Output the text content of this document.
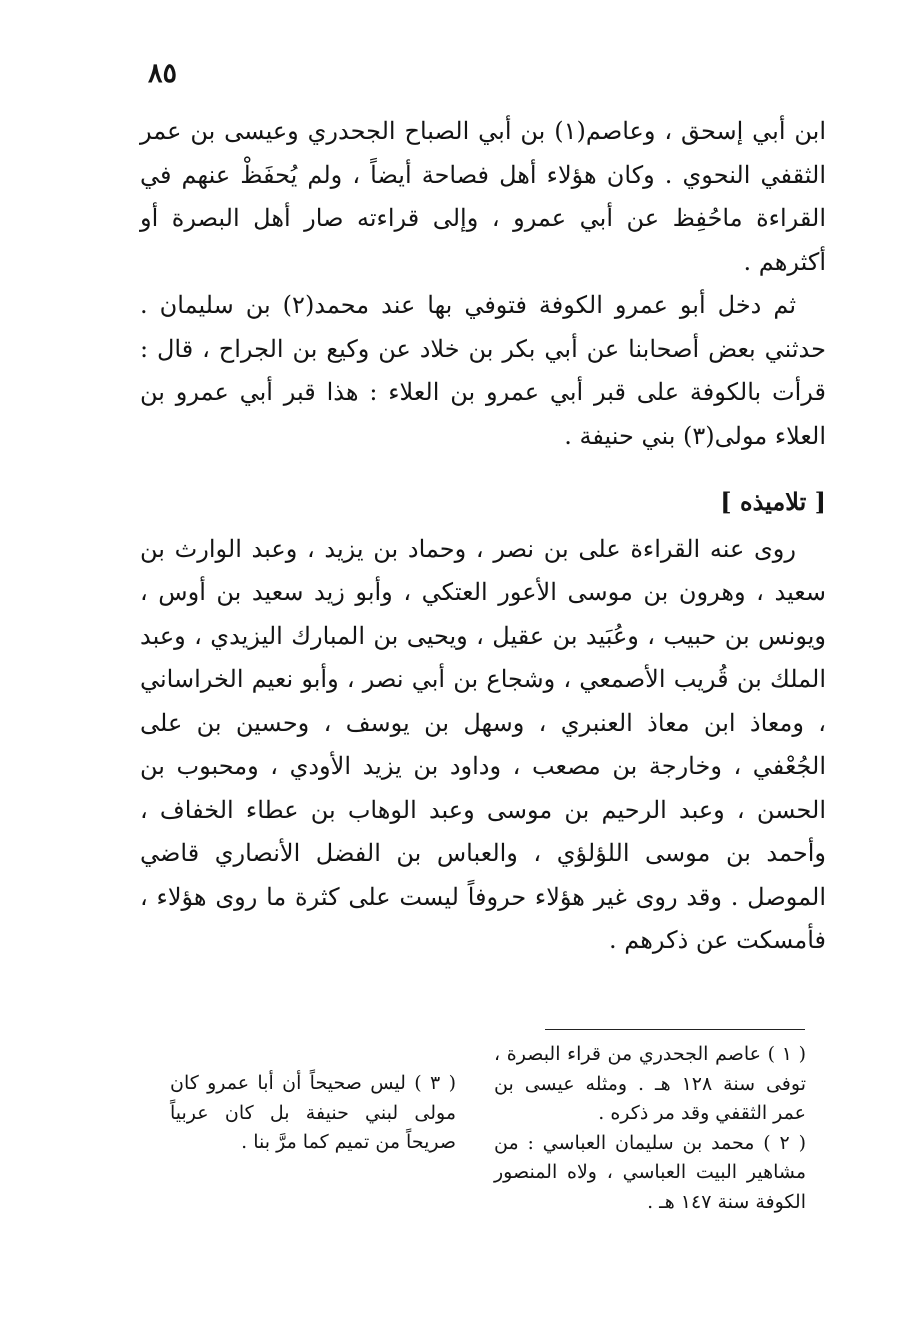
٨٥

ابن أبي إسحق ، وعاصم(١) بن أبي الصباح الجحدري وعيسى بن عمر الثقفي النحوي . وكان هؤلاء أهل فصاحة أيضاً ، ولم يُحفَظْ عنهم في القراءة ماحُفِظ عن أبي عمرو ، وإلى قراءته صار أهل البصرة أو أكثرهم .

ثم دخل أبو عمرو الكوفة فتوفي بها عند محمد(٢) بن سليمان . حدثني بعض أصحابنا عن أبي بكر بن خلاد عن وكيع بن الجراح ، قال : قرأت بالكوفة على قبر أبي عمرو بن العلاء : هذا قبر أبي عمرو بن العلاء مولى(٣) بني حنيفة .

[ تلاميذه ]

روى عنه القراءة على بن نصر ، وحماد بن يزيد ، وعبد الوارث بن سعيد ، وهرون بن موسى الأعور العتكي ، وأبو زيد سعيد بن أوس ، ويونس بن حبيب ، وعُبَيد بن عقيل ، ويحيى بن المبارك اليزيدي ، وعبد الملك بن قُريب الأصمعي ، وشجاع بن أبي نصر ، وأبو نعيم الخراساني ، ومعاذ ابن معاذ العنبري ، وسهل بن يوسف ، وحسين بن على الجُعْفي ، وخارجة بن مصعب ، وداود بن يزيد الأودي ، ومحبوب بن الحسن ، وعبد الرحيم بن موسى وعبد الوهاب بن عطاء الخفاف ، وأحمد بن موسى اللؤلؤي ، والعباس بن الفضل الأنصاري قاضي الموصل . وقد روى غير هؤلاء حروفاً ليست على كثرة ما روى هؤلاء ، فأمسكت عن ذكرهم .

( ١ ) عاصم الجحدري من قراء البصرة ، توفى سنة ١٢٨ هـ . ومثله عيسى بن عمر الثقفي وقد مر ذكره .

( ٢ ) محمد بن سليمان العباسي : من مشاهير البيت العباسي ، ولاه المنصور الكوفة سنة ١٤٧ هـ .

( ٣ ) ليس صحيحاً أن أبا عمرو كان مولى لبني حنيفة بل كان عربياً صريحاً من تميم كما مرَّ بنا .
